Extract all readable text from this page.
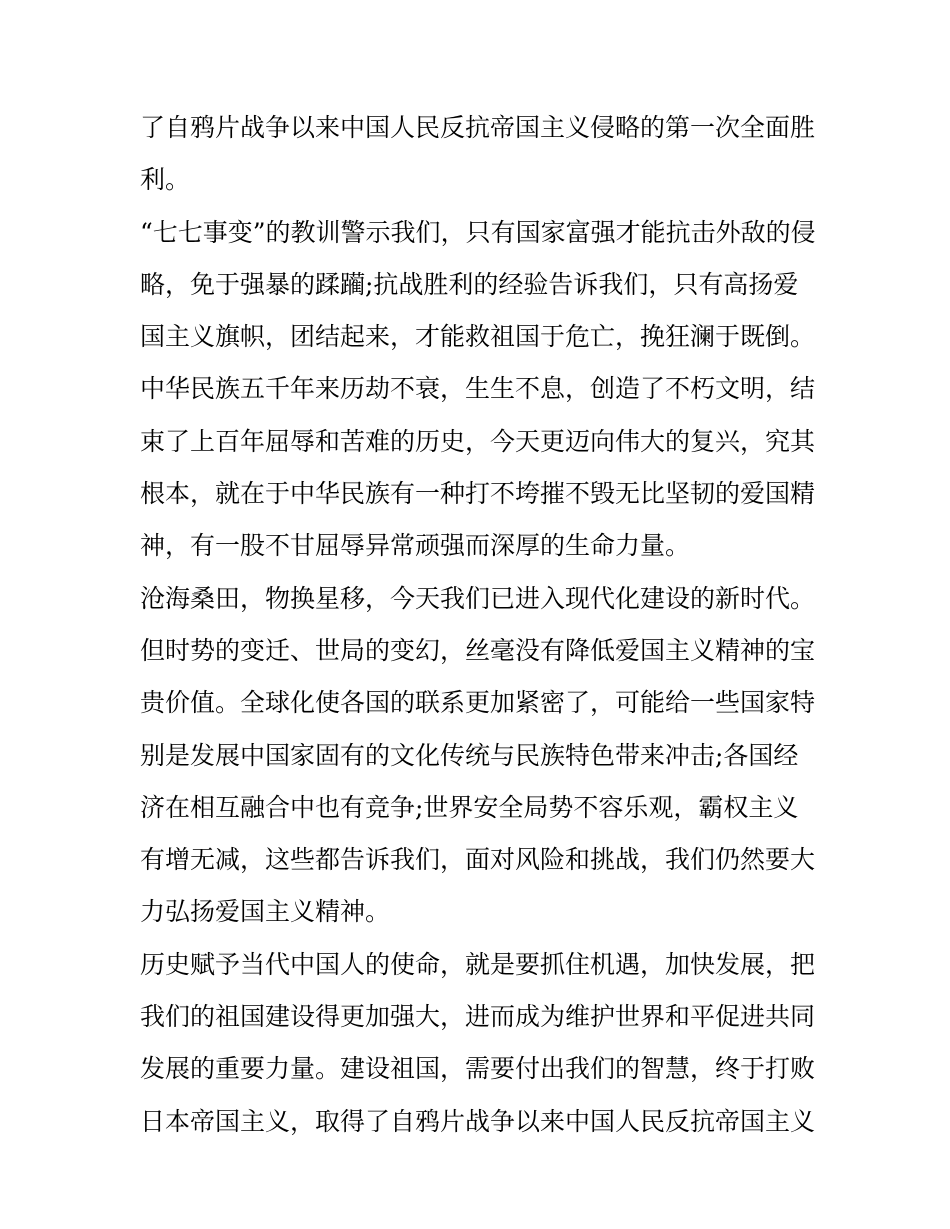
了自鸦片战争以来中国人民反抗帝国主义侵略的第一次全面胜
利。
“七七事变”的教训警示我们，只有国家富强才能抗击外敌的侵
略，免于强暴的蹂躏;抗战胜利的经验告诉我们，只有高扬爱
国主义旗帜，团结起来，才能救祖国于危亡，挽狂澜于既倒。
中华民族五千年来历劫不衰，生生不息，创造了不朽文明，结
束了上百年屈辱和苦难的历史，今天更迈向伟大的复兴，究其
根本，就在于中华民族有一种打不垮摧不毁无比坚韧的爱国精
神，有一股不甘屈辱异常顽强而深厚的生命力量。
沧海桑田，物换星移，今天我们已进入现代化建设的新时代。
但时势的变迁、世局的变幻，丝毫没有降低爱国主义精神的宝
贵价值。全球化使各国的联系更加紧密了，可能给一些国家特
别是发展中国家固有的文化传统与民族特色带来冲击;各国经
济在相互融合中也有竞争;世界安全局势不容乐观，霸权主义
有增无减，这些都告诉我们，面对风险和挑战，我们仍然要大
力弘扬爱国主义精神。
历史赋予当代中国人的使命，就是要抓住机遇，加快发展，把
我们的祖国建设得更加强大，进而成为维护世界和平促进共同
发展的重要力量。建设祖国，需要付出我们的智慧，终于打败
日本帝国主义，取得了自鸦片战争以来中国人民反抗帝国主义
